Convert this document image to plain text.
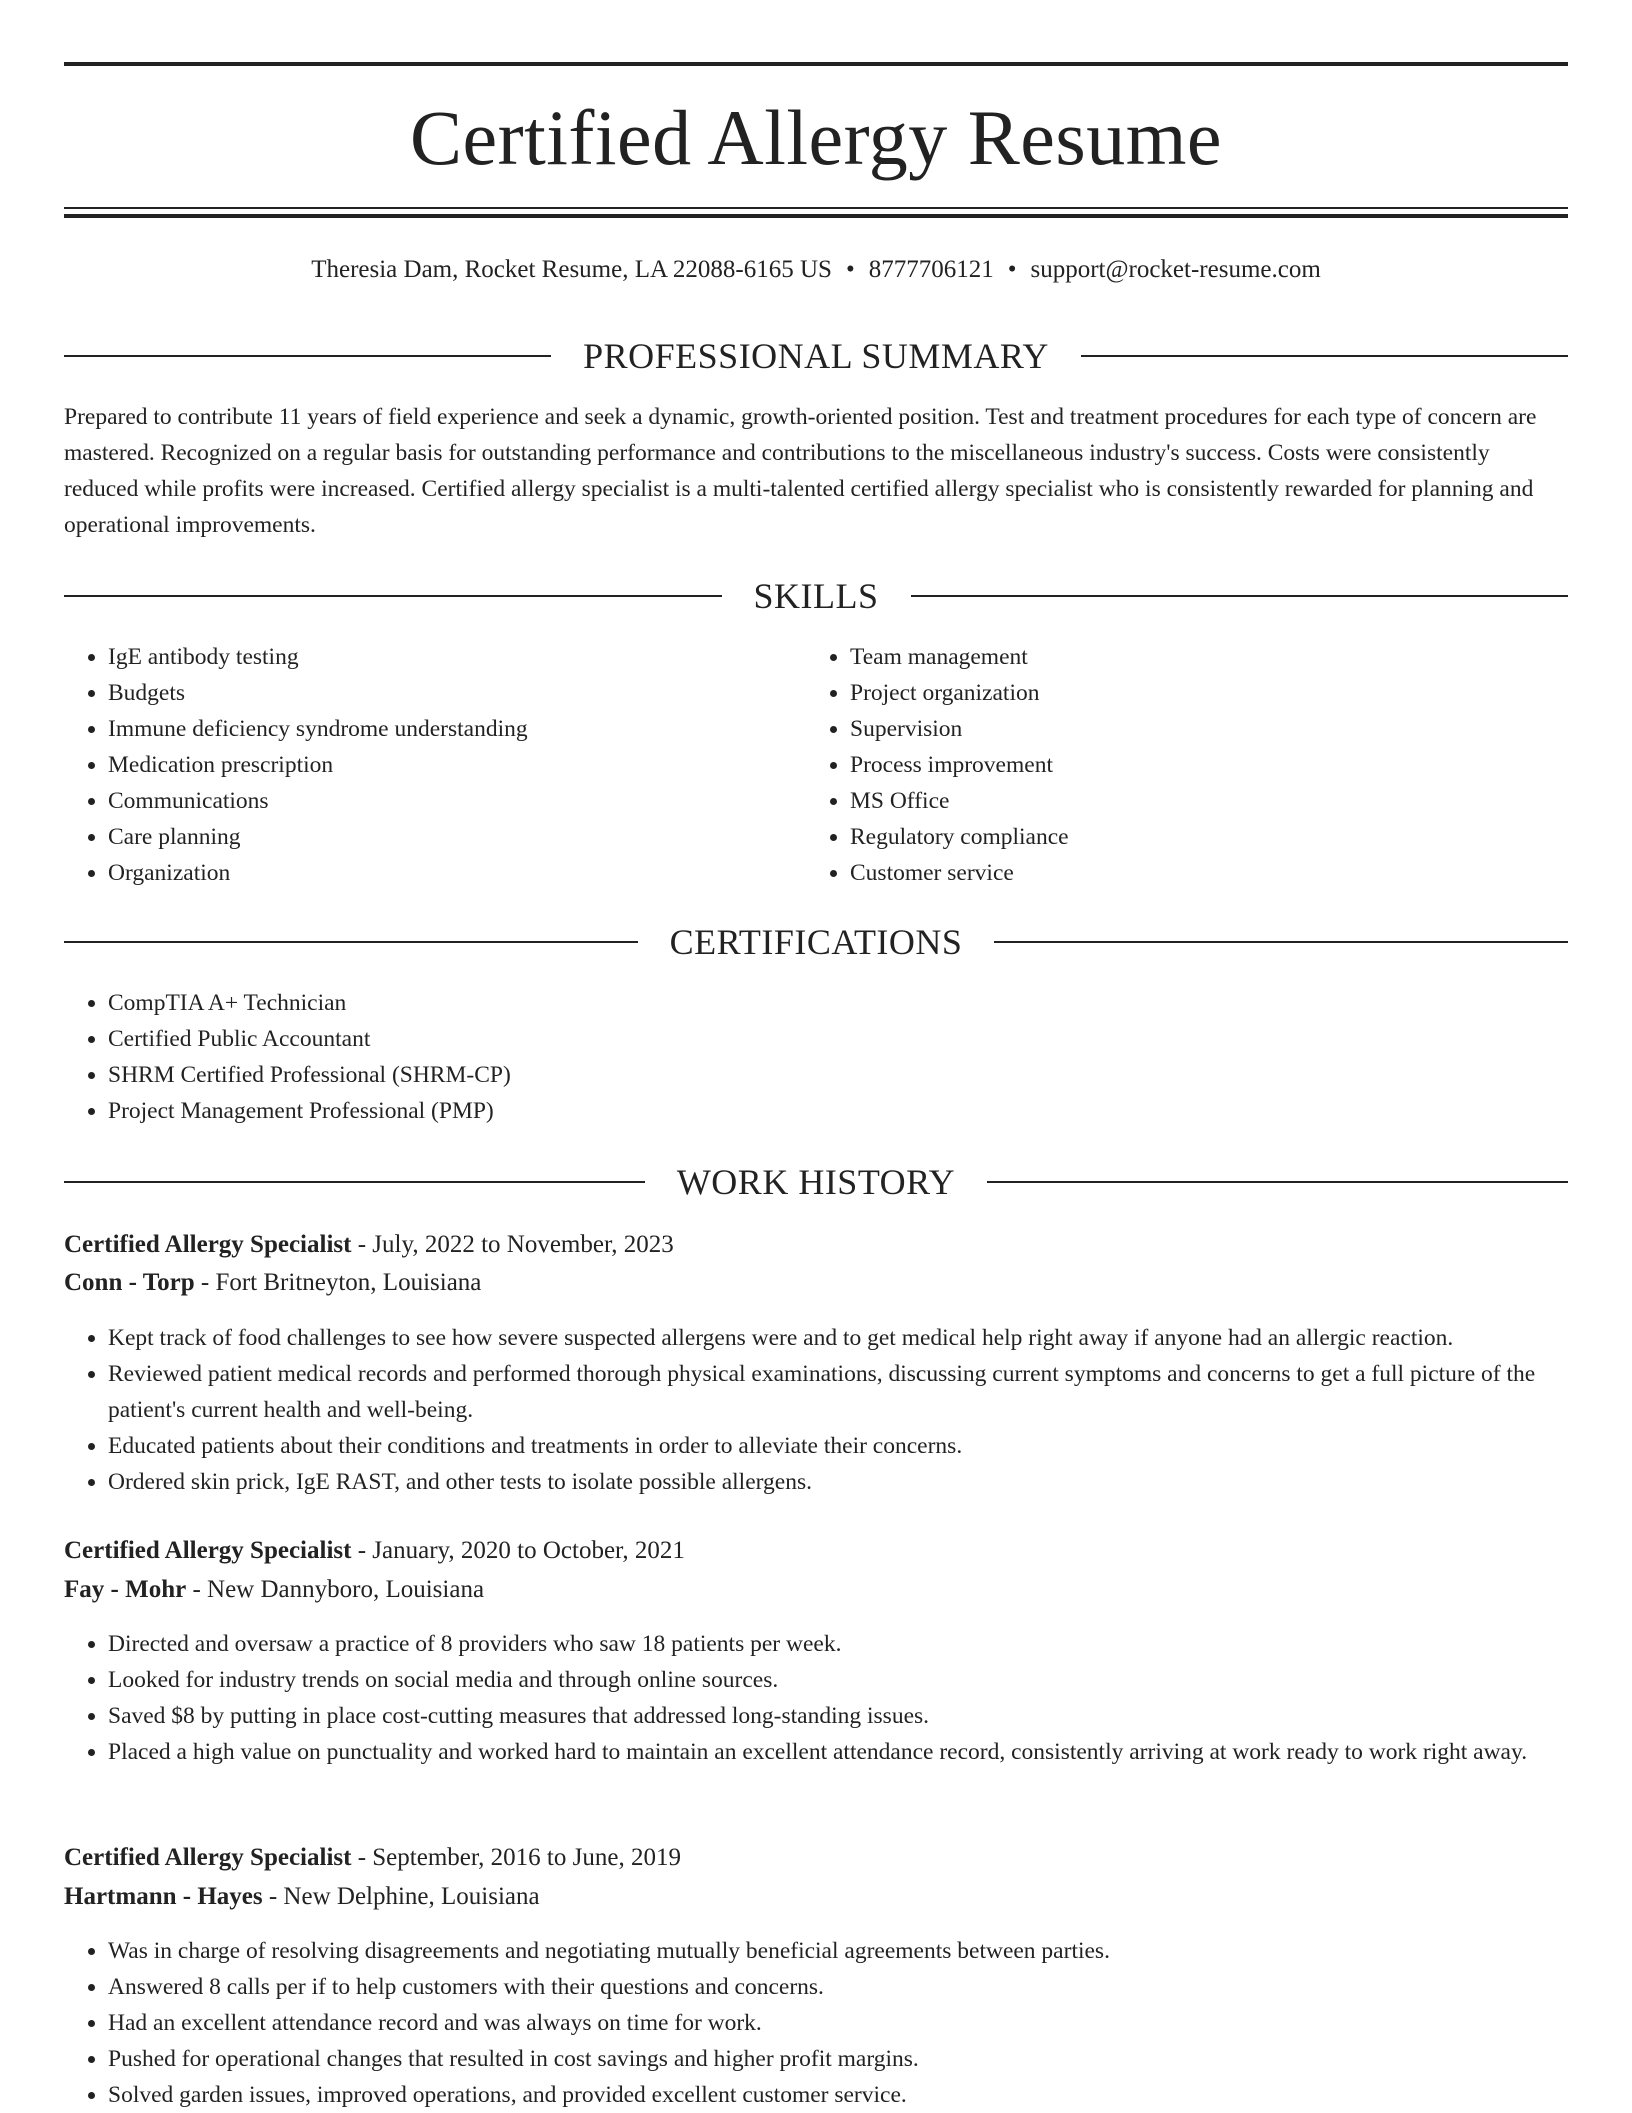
Certified Allergy Resume
Theresia Dam, Rocket Resume, LA 22088-6165 US • 8777706121 • support@rocket-resume.com
PROFESSIONAL SUMMARY

Prepared to contribute 11 years of field experience and seek a dynamic, growth-oriented position. Test and treatment procedures for each type of concern are mastered. Recognized on a regular basis for outstanding performance and contributions to the miscellaneous industry's success. Costs were consistently reduced while profits were increased. Certified allergy specialist is a multi-talented certified allergy specialist who is consistently rewarded for planning and operational improvements.

SKILLS
• IgE antibody testing
• Budgets
• Immune deficiency syndrome understanding
• Medication prescription
• Communications
• Care planning
• Organization
• Team management
• Project organization
• Supervision
• Process improvement
• MS Office
• Regulatory compliance
• Customer service
CERTIFICATIONS
• CompTIA A+ Technician
• Certified Public Accountant
• SHRM Certified Professional (SHRM-CP)
• Project Management Professional (PMP)
WORK HISTORY
Certified Allergy Specialist - July, 2022 to November, 2023
Conn - Torp - Fort Britneyton, Louisiana
• Kept track of food challenges to see how severe suspected allergens were and to get medical help right away if anyone had an allergic reaction.
• Reviewed patient medical records and performed thorough physical examinations, discussing current symptoms and concerns to get a full picture of the patient's current health and well-being.
• Educated patients about their conditions and treatments in order to alleviate their concerns.
• Ordered skin prick, IgE RAST, and other tests to isolate possible allergens.
Certified Allergy Specialist - January, 2020 to October, 2021
Fay - Mohr - New Dannyboro, Louisiana
• Directed and oversaw a practice of 8 providers who saw 18 patients per week.
• Looked for industry trends on social media and through online sources.
• Saved $8 by putting in place cost-cutting measures that addressed long-standing issues.
• Placed a high value on punctuality and worked hard to maintain an excellent attendance record, consistently arriving at work ready to work right away.
Certified Allergy Specialist - September, 2016 to June, 2019
Hartmann - Hayes - New Delphine, Louisiana
• Was in charge of resolving disagreements and negotiating mutually beneficial agreements between parties.
• Answered 8 calls per if to help customers with their questions and concerns.
• Had an excellent attendance record and was always on time for work.
• Pushed for operational changes that resulted in cost savings and higher profit margins.
• Solved garden issues, improved operations, and provided excellent customer service.
